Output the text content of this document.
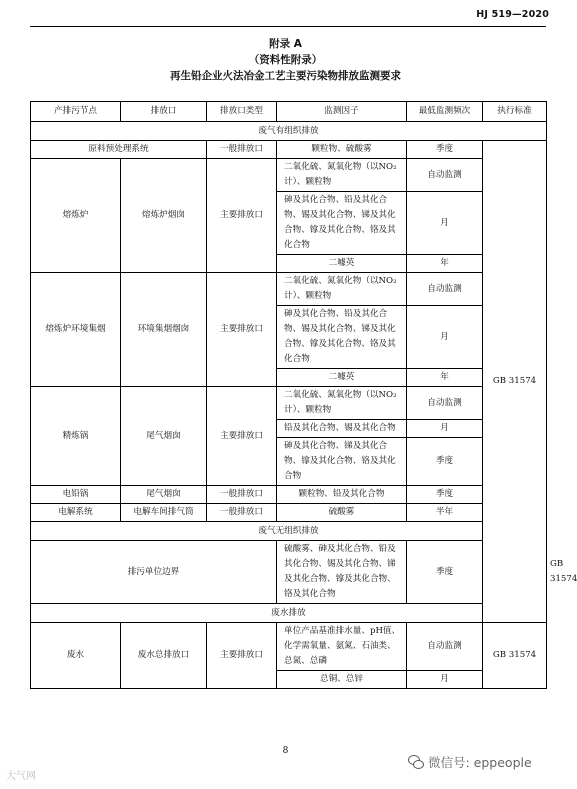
HJ 519—2020
附录 A
（资料性附录）
再生铅企业火法冶金工艺主要污染物排放监测要求
产排污节点	排放口	排放口类型	监测因子	最低监测频次	执行标准	
废气有组织排放						
原料预处理系统		一般排放口	颗粒物、硫酸雾	季度	GB 31574	
熔炼炉	熔炼炉烟囱	主要排放口	二氧化硫、氮氧化物（以NO₂计）、颗粒物	自动监测		
			砷及其化合物、铅及其化合物、锡及其化合物、锑及其化合物、镎及其化合物、铬及其化合物	月		
			二噱英	年		
熔炼炉环境集烟	环境集烟烟囱	主要排放口	二氧化硫、氮氧化物（以NO₂计）、颗粒物	自动监测		
			砷及其化合物、铅及其化合物、锡及其化合物、锑及其化合物、镎及其化合物、铬及其化合物	月		
			二噱英	年		
精炼锅	尾气烟囱	主要排放口	二氧化硫、氮氧化物（以NO₂计）、颗粒物	自动监测		
			铅及其化合物、锡及其化合物	月		
			砷及其化合物、锑及其化合物、镎及其化合物、铬及其化合物	季度		
电铅锅	尾气烟囱	一般排放口	颗粒物、铅及其化合物	季度		
电解系统	电解车间排气筒	一般排放口	硫酸雾	半年		
废气无组织排放						
排污单位边界			硫酸雾、砷及其化合物、铅及其化合物、锡及其化合物、锑及其化合物、镎及其化合物、铬及其化合物	季度		GB 31574
废水排放						
废水	废水总排放口	主要排放口	单位产品基准排水量、pH值、化学需氧量、氨氮、石油类、总氮、总磷	自动监测	GB 31574	
			总铜、总锌	月		
8
大气网
微信号: eppeople
